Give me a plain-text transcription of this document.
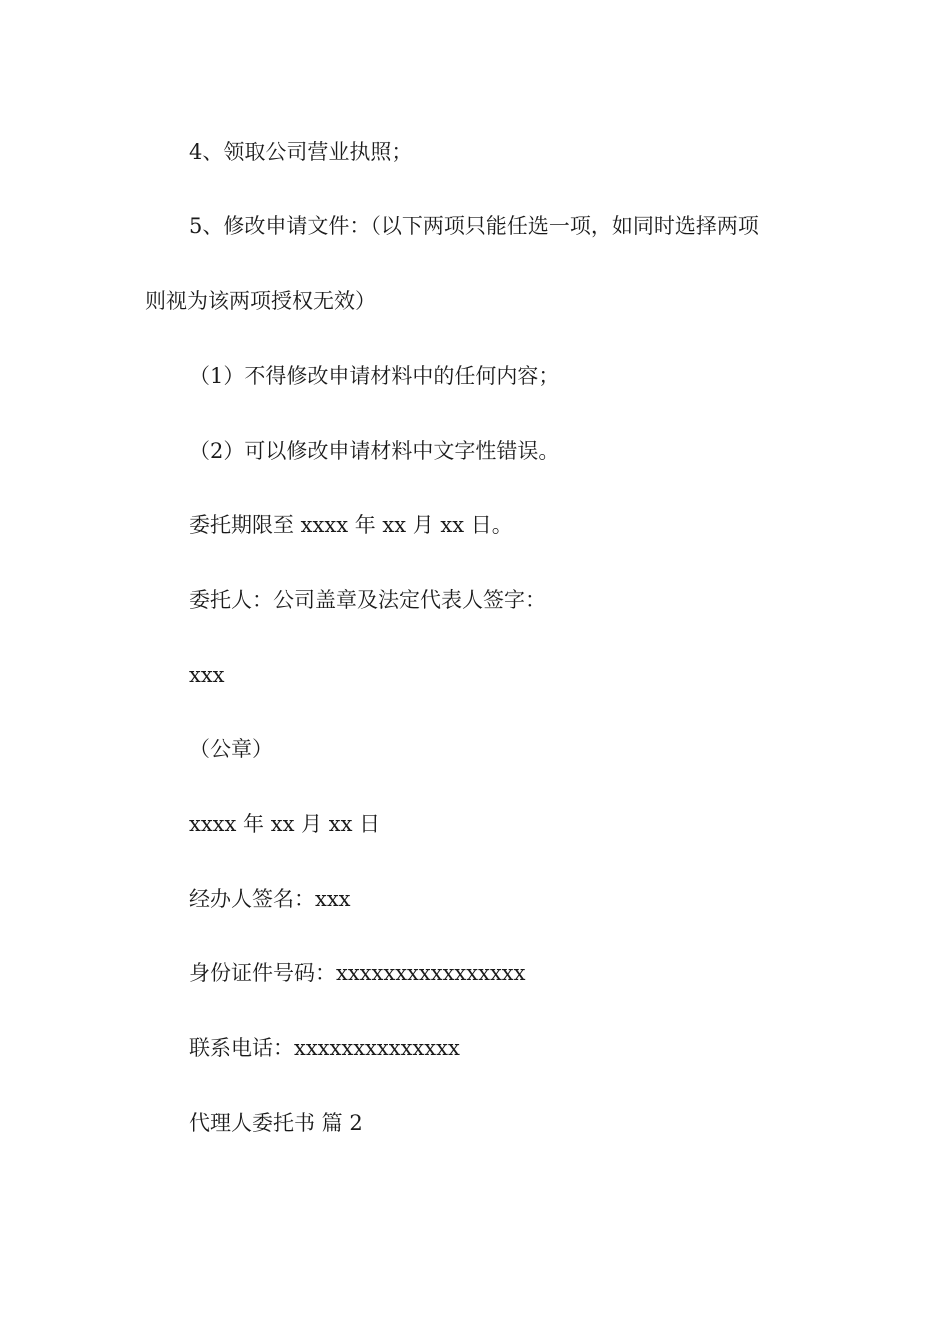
4、领取公司营业执照；

5、修改申请文件：（以下两项只能任选一项，如同时选择两项

则视为该两项授权无效）

（1）不得修改申请材料中的任何内容；

（2）可以修改申请材料中文字性错误。

委托期限至 xxxx 年 xx 月 xx 日。

委托人：公司盖章及法定代表人签字：

xxx

（公章）

xxxx 年 xx 月 xx 日

经办人签名：xxx

身份证件号码：xxxxxxxxxxxxxxxx

联系电话：xxxxxxxxxxxxxx

代理人委托书 篇 2
